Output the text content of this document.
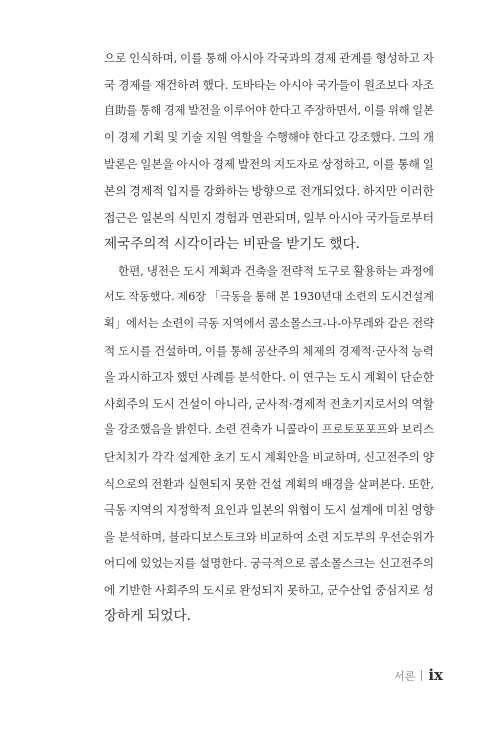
으로 인식하며, 이를 통해 아시아 각국과의 경제 관계를 형성하고 자
국 경제를 재건하려 했다. 도바타는 아시아 국가들이 원조보다 자조
自助를 통해 경제 발전을 이루어야 한다고 주장하면서, 이를 위해 일본
이 경제 기획 및 기술 지원 역할을 수행해야 한다고 강조했다. 그의 개
발론은 일본을 아시아 경제 발전의 지도자로 상정하고, 이를 통해 일
본의 경제적 입지를 강화하는 방향으로 전개되었다. 하지만 이러한
접근은 일본의 식민지 경험과 연관되며, 일부 아시아 국가들로부터
제국주의적 시각이라는 비판을 받기도 했다.
한편, 냉전은 도시 계획과 건축을 전략적 도구로 활용하는 과정에
서도 작동했다. 제6장 「극동을 통해 본 1930년대 소련의 도시건설계
획」에서는 소련이 극동 지역에서 콤소몰스크-나-아무레와 같은 전략
적 도시를 건설하며, 이를 통해 공산주의 체제의 경제적·군사적 능력
을 과시하고자 했던 사례를 분석한다. 이 연구는 도시 계획이 단순한
사회주의 도시 건설이 아니라, 군사적·경제적 전초기지로서의 역할
을 강조했음을 밝힌다. 소련 건축가 니콜라이 프로토포포프와 보리스
단치치가 각각 설계한 초기 도시 계획안을 비교하며, 신고전주의 양
식으로의 전환과 실현되지 못한 건설 계획의 배경을 살펴본다. 또한,
극동 지역의 지정학적 요인과 일본의 위협이 도시 설계에 미친 영향
을 분석하며, 블라디보스토크와 비교하여 소련 지도부의 우선순위가
어디에 있었는지를 설명한다. 궁극적으로 콤소몰스크는 신고전주의
에 기반한 사회주의 도시로 완성되지 못하고, 군수산업 중심지로 성
장하게 되었다.
서론 ix
